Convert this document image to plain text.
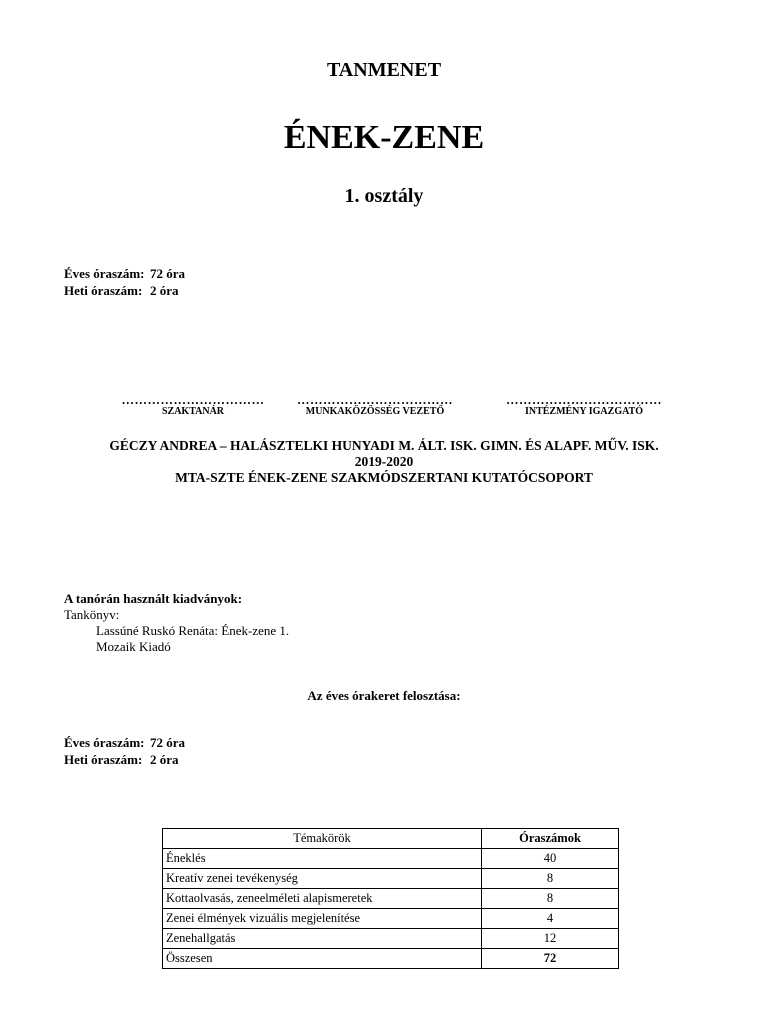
TANMENET
ÉNEK-ZENE
1. osztály
Éves óraszám: 72 óra
Heti óraszám: 2 óra
……………………………
SZAKTANÁR
………………………………
MUNKAKÖZÖSSÉG VEZETŐ
………………………………
INTÉZMÉNY IGAZGATÓ
GÉCZY ANDREA – HALÁSZTELKI HUNYADI M. ÁLT. ISK. GIMN. ÉS ALAPF. MŰV. ISK.
2019-2020
MTA-SZTE ÉNEK-ZENE SZAKMÓDSZERTANI KUTATÓCSOPORT
A tanórán használt kiadványok:
Tankönyv:
Lassúné Ruskó Renáta: Ének-zene 1.
Mozaik Kiadó
Az éves órakeret felosztása:
Éves óraszám: 72 óra
Heti óraszám: 2 óra
Témakörök	Óraszámok
Éneklés	40
Kreatív zenei tevékenység	8
Kottaolvasás, zeneelméleti alapismeretek	8
Zenei élmények vizuális megjelenítése	4
Zenehallgatás	12
Összesen	72
